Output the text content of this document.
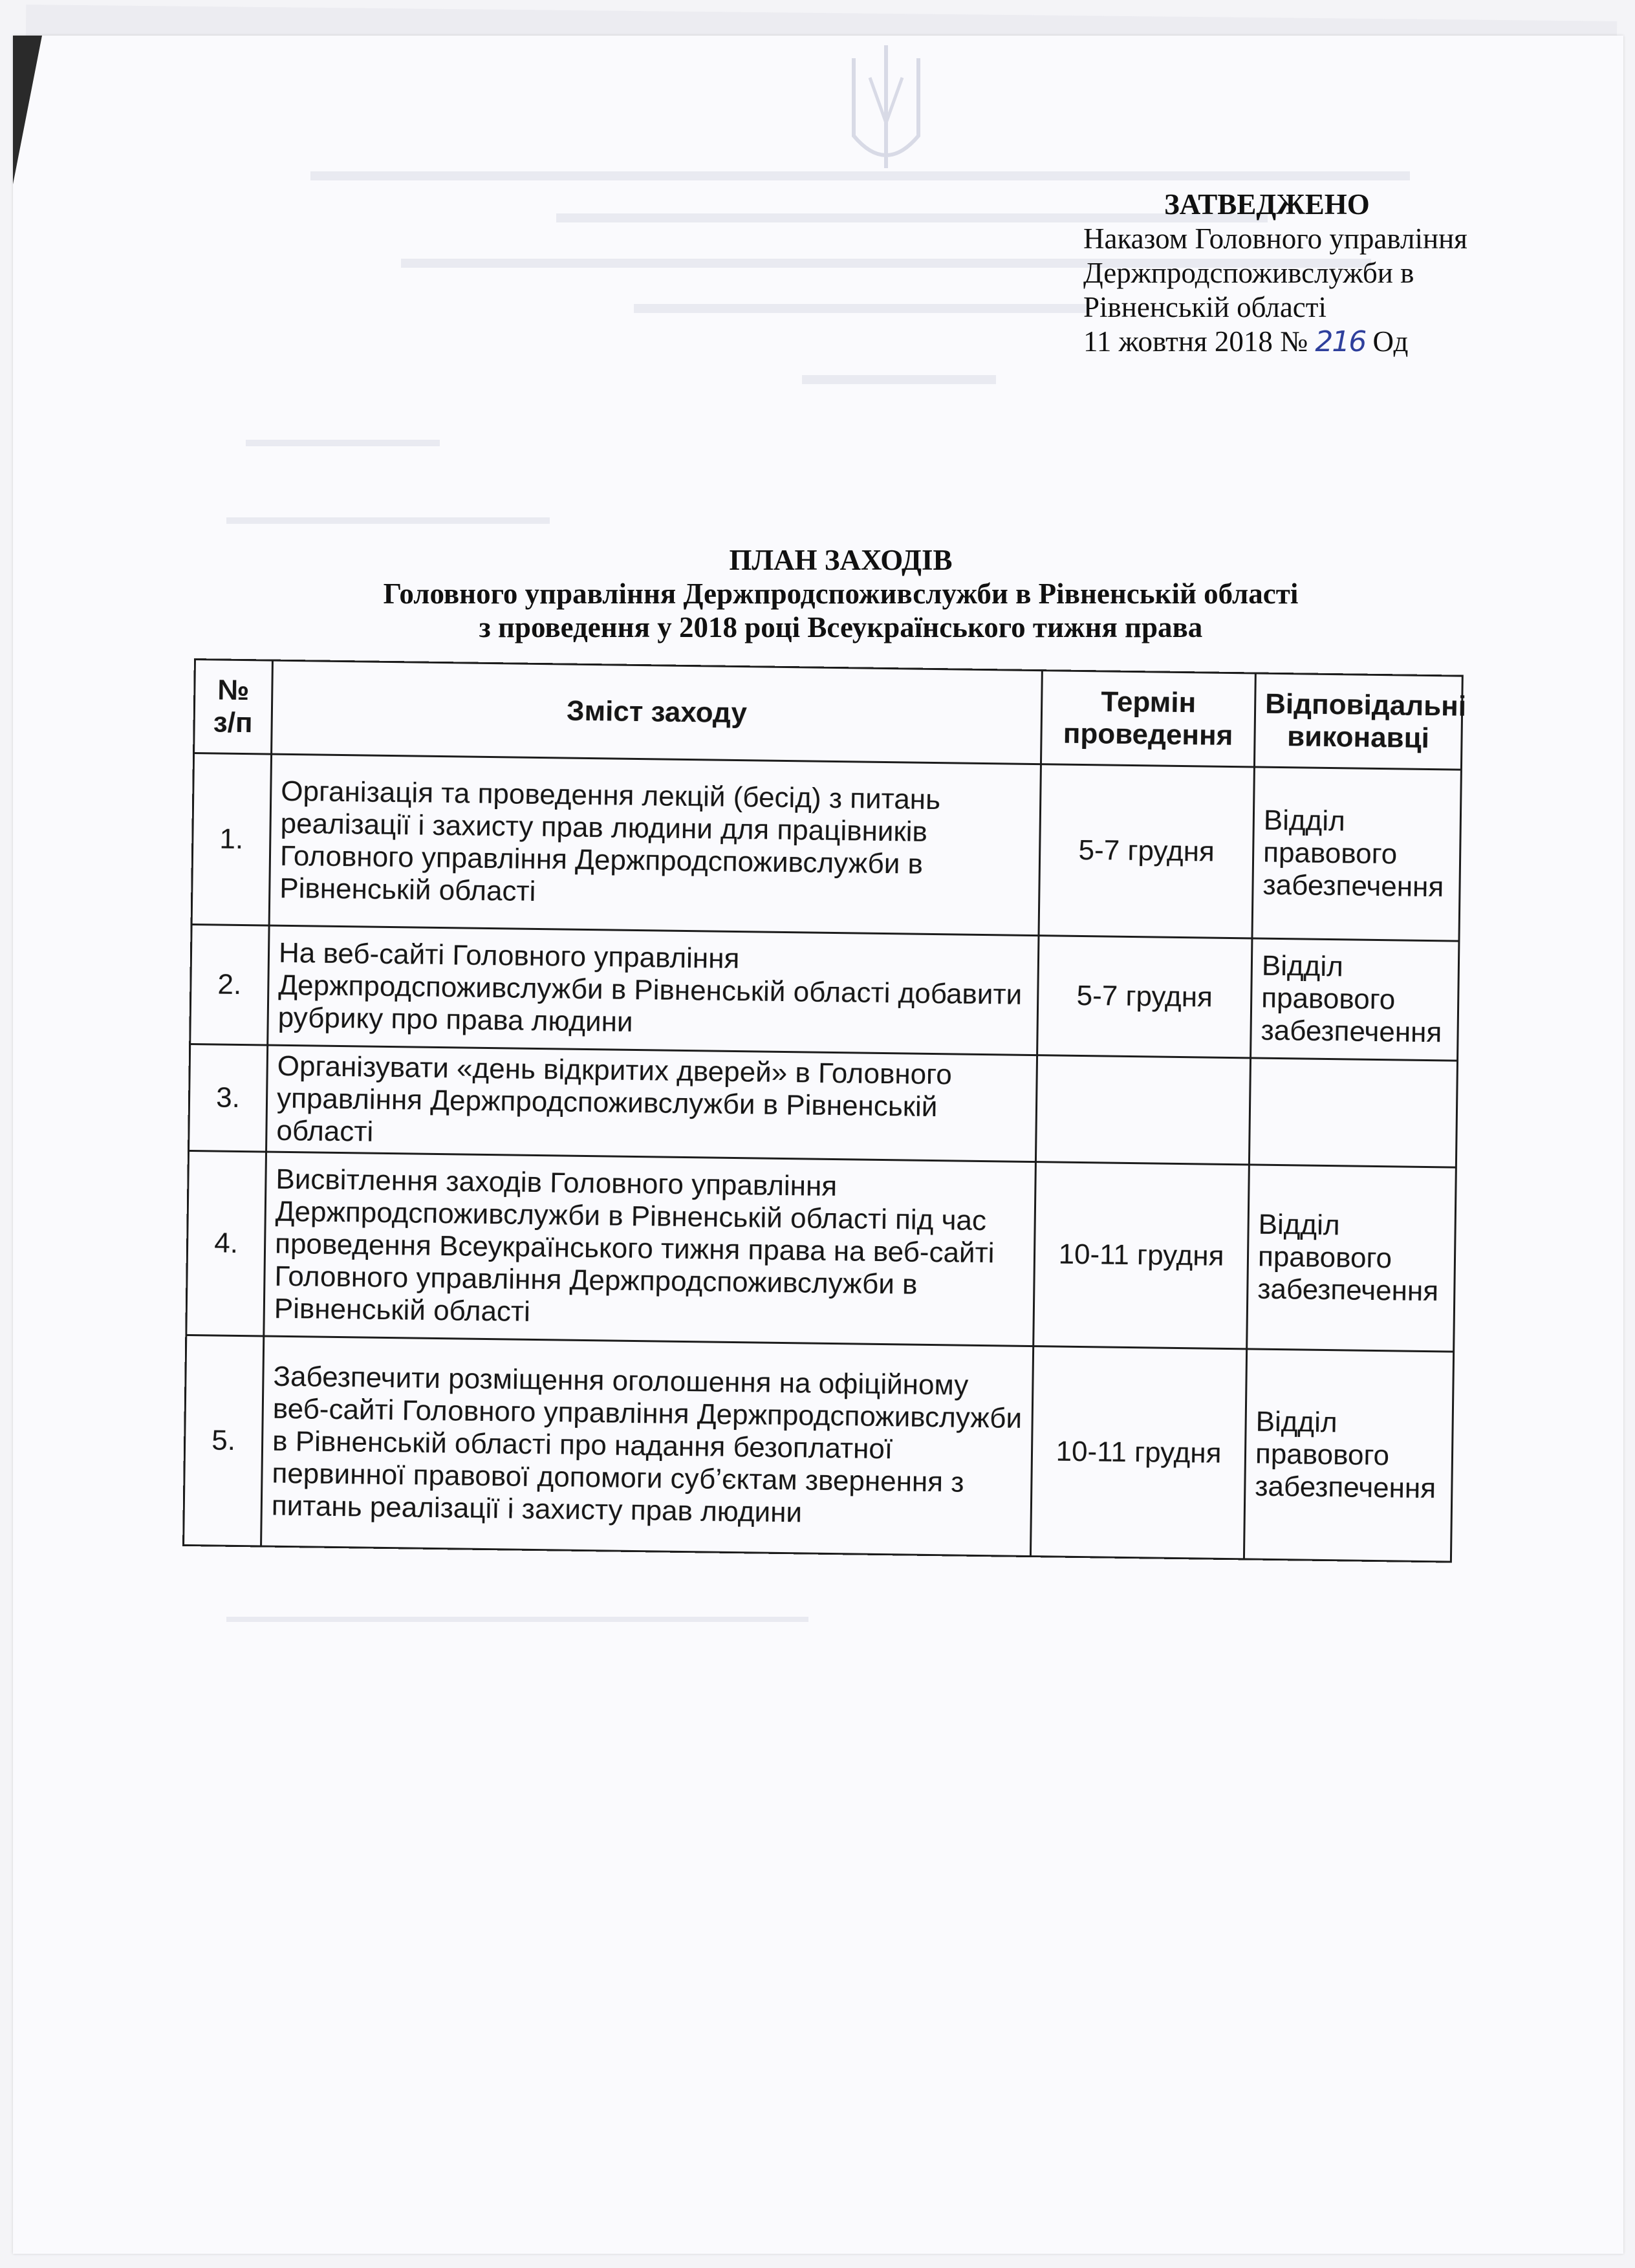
ЗАТВЕДЖЕНО
Наказом Головного управління
Держпродспоживслужби в
Рівненській області
11 жовтня 2018 № 216 Од
ПЛАН ЗАХОДІВ
Головного управління Держпродспоживслужби в Рівненській області
з проведення у 2018 році Всеукраїнського тижня права
№ з/п	Зміст заходу	Термін проведення	Відповідальні виконавці
1.	Організація та проведення лекцій (бесід) з питань реалізації і захисту прав людини для працівників Головного управління Держпродспоживслужби в Рівненській області	5-7 грудня	Відділ правового забезпечення
2.	На веб-сайті Головного управління Держпродспоживслужби в Рівненській області добавити рубрику про права людини	5-7 грудня	Відділ правового забезпечення
3.	Організувати «день відкритих дверей» в Головного управління Держпродспоживслужби в Рівненській області		
4.	Висвітлення заходів Головного управління Держпродспоживслужби в Рівненській області під час проведення Всеукраїнського тижня права на веб-сайті Головного управління Держпродспоживслужби в Рівненській області	10-11 грудня	Відділ правового забезпечення
5.	Забезпечити розміщення оголошення на офіційному веб-сайті Головного управління Держпродспоживслужби в Рівненській області про надання безоплатної первинної правової допомоги суб’єктам звернення з питань реалізації і захисту прав людини	10-11 грудня	Відділ правового забезпечення
